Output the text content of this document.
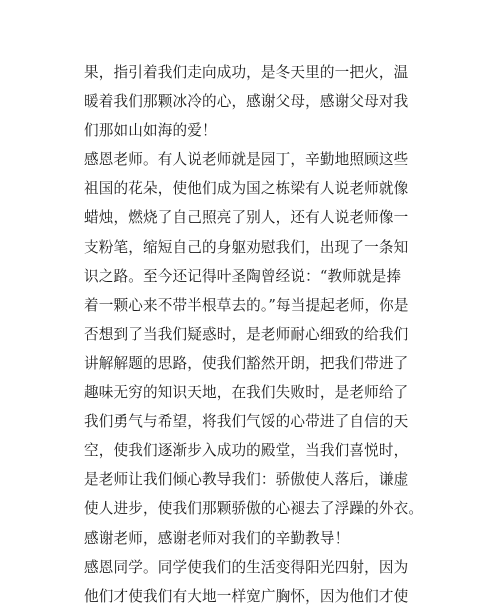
果，指引着我们走向成功，是冬天里的一把火，温
暖着我们那颗冰冷的心，感谢父母，感谢父母对我
们那如山如海的爱！
感恩老师。有人说老师就是园丁，辛勤地照顾这些
祖国的花朵，使他们成为国之栋梁有人说老师就像
蜡烛，燃烧了自己照亮了别人，还有人说老师像一
支粉笔，缩短自己的身躯劝慰我们，出现了一条知
识之路。至今还记得叶圣陶曾经说：“教师就是捧
着一颗心来不带半根草去的。”每当提起老师，你是
否想到了当我们疑惑时，是老师耐心细致的给我们
讲解解题的思路，使我们豁然开朗，把我们带进了
趣味无穷的知识天地，在我们失败时，是老师给了
我们勇气与希望，将我们气馁的心带进了自信的天
空，使我们逐渐步入成功的殿堂，当我们喜悦时，
是老师让我们倾心教导我们：骄傲使人落后，谦虚
使人进步，使我们那颗骄傲的心褪去了浮躁的外衣。
感谢老师，感谢老师对我们的辛勤教导！
感恩同学。同学使我们的生活变得阳光四射，因为
他们才使我们有大地一样宽广胸怀，因为他们才使
